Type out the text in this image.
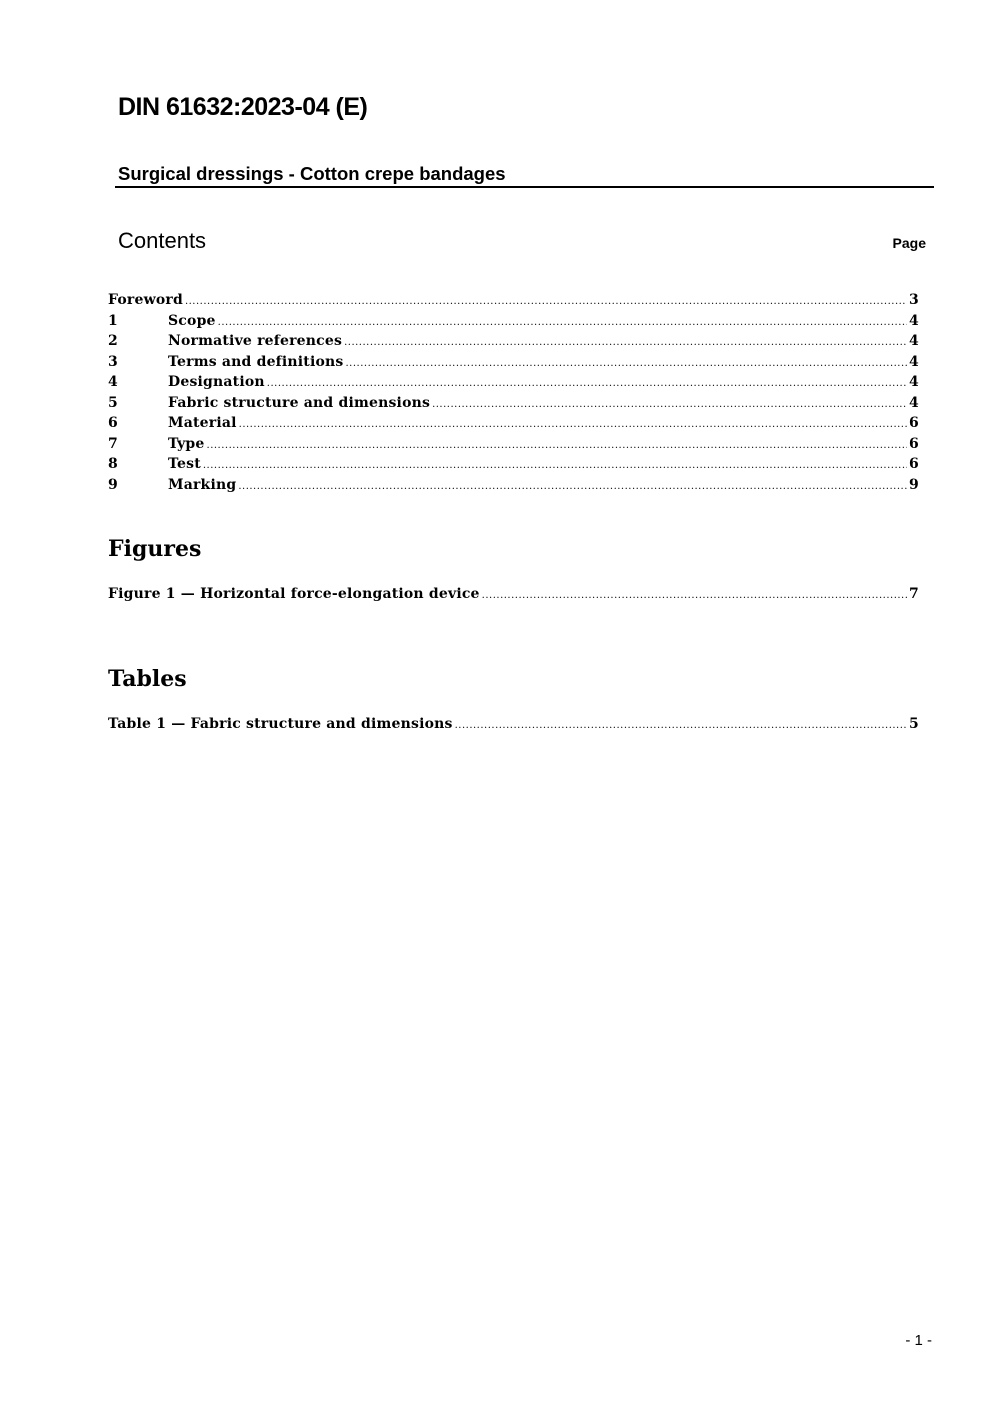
DIN 61632:2023-04 (E)
Surgical dressings - Cotton crepe bandages
Contents	Page
Foreword .....	3
1	Scope .....	4
2	Normative references .....	4
3	Terms and definitions .....	4
4	Designation .....	4
5	Fabric structure and dimensions .....	4
6	Material .....	6
7	Type .....	6
8	Test .....	6
9	Marking .....	9
Figures
Figure 1 — Horizontal force-elongation device .....	7
Tables
Table 1 — Fabric structure and dimensions .....	5
- 1 -
